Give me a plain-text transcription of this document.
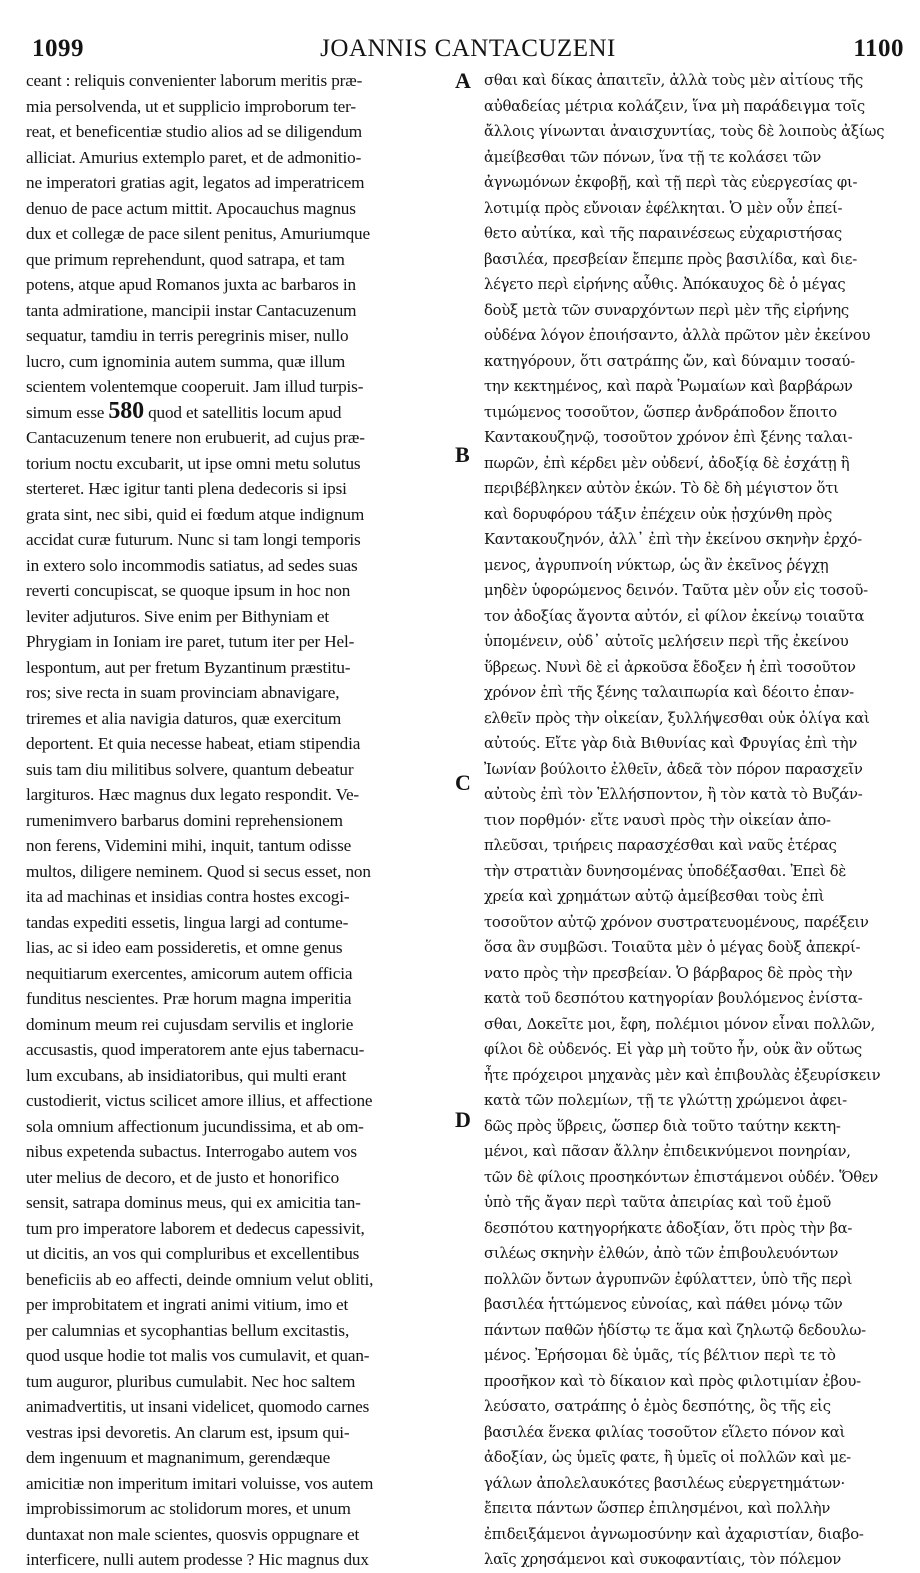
1099	JOANNIS CANTACUZENI	1100
ceant : reliquis convenienter laborum meritis præ-
mia persolvenda, ut et supplicio improborum ter-
reat, et beneficentiæ studio alios ad se diligendum
alliciat. Amurius extemplo paret, et de admonitio-
ne imperatori gratias agit, legatos ad imperatricem
denuo de pace actum mittit. Apocauchus magnus
dux et collegæ de pace silent penitus, Amuriumque
que primum reprehendunt, quod satrapa, et tam
potens, atque apud Romanos juxta ac barbaros in
tanta admiratione, mancipii instar Cantacuzenum
sequatur, tamdiu in terris peregrinis miser, nullo
lucro, cum ignominia autem summa, quæ illum
scientem volentemque cooperuit. Jam illud turpis-
simum esse 580 quod et satellitis locum apud
Cantacuzenum tenere non erubuerit, ad cujus præ-
torium noctu excubarit, ut ipse omni metu solutus
sterteret. Hæc igitur tanti plena dedecoris si ipsi
grata sint, nec sibi, quid ei fœdum atque indignum
accidat curæ futurum. Nunc si tam longi temporis
in extero solo incommodis satiatus, ad sedes suas
reverti concupiscat, se quoque ipsum in hoc non
leviter adjuturos. Sive enim per Bithyniam et
Phrygiam in Ioniam ire paret, tutum iter per Hel-
lespontum, aut per fretum Byzantinum præstitu-
ros; sive recta in suam provinciam abnavigare,
triremes et alia navigia daturos, quæ exercitum
deportent. Et quia necesse habeat, etiam stipendia
suis tam diu militibus solvere, quantum debeatur
largituros. Hæc magnus dux legato respondit. Ve-
rumenimvero barbarus domini reprehensionem
non ferens, Videmini mihi, inquit, tantum odisse
multos, diligere neminem. Quod si secus esset, non
ita ad machinas et insidias contra hostes excogi-
tandas expediti essetis, lingua largi ad contume-
lias, ac si ideo eam possideretis, et omne genus
nequitiarum exercentes, amicorum autem officia
funditus nescientes. Præ horum magna imperitia
dominum meum rei cujusdam servilis et inglorie
accusastis, quod imperatorem ante ejus tabernacu-
lum excubans, ab insidiatoribus, qui multi erant
custodierit, victus scilicet amore illius, et affectione
sola omnium affectionum jucundissima, et ab om-
nibus expetenda subactus. Interrogabo autem vos
uter melius de decoro, et de justo et honorifico
sensit, satrapa dominus meus, qui ex amicitia tan-
tum pro imperatore laborem et dedecus capessivit,
ut dicitis, an vos qui compluribus et excellentibus
beneficiis ab eo affecti, deinde omnium velut obliti,
per improbitatem et ingrati animi vitium, imo et
per calumnias et sycophantias bellum excitastis,
quod usque hodie tot malis vos cumulavit, et quan-
tum auguror, pluribus cumulabit. Nec hoc saltem
animadvertitis, ut insani videlicet, quomodo carnes
vestras ipsi devoretis. An clarum est, ipsum qui-
dem ingenuum et magnanimum, gerendæque
amicitiæ non imperitum imitari voluisse, vos autem
improbissimorum ac stolidorum mores, et unum
duntaxat non male scientes, quosvis oppugnare et
interficere, nulli autem prodesse ? Hic magnus dux
σθαι καὶ δίκας ἀπαιτεῖν, ἀλλὰ τοὺς μὲν αἰτίους τῆς
αὐθαδείας μέτρια κολάζειν, ἵνα μὴ παράδειγμα τοῖς
ἄλλοις γίνωνται ἀναισχυντίας, τοὺς δὲ λοιποὺς ἀξίως
ἀμείβεσθαι τῶν πόνων, ἵνα τῇ τε κολάσει τῶν
ἀγνωμόνων ἐκφοβῇ, καὶ τῇ περὶ τὰς εὐεργεσίας φι-
λοτιμίᾳ πρὸς εὔνοιαν ἐφέλκηται. Ὁ μὲν οὖν ἐπεί-
θετο αὐτίκα, καὶ τῆς παραινέσεως εὐχαριστήσας
βασιλέα, πρεσβείαν ἔπεμπε πρὸς βασιλίδα, καὶ διε-
λέγετο περὶ εἰρήνης αὖθις. Ἀπόκαυχος δὲ ὁ μέγας
δοὺξ μετὰ τῶν συναρχόντων περὶ μὲν τῆς εἰρήνης
οὐδένα λόγον ἐποιήσαντο, ἀλλὰ πρῶτον μὲν ἐκείνου
κατηγόρουν, ὅτι σατράπης ὤν, καὶ δύναμιν τοσαύ-
την κεκτημένος, καὶ παρὰ Ῥωμαίων καὶ βαρβάρων
τιμώμενος τοσοῦτον, ὥσπερ ἀνδράποδον ἕποιτο
Καντακουζηνῷ, τοσοῦτον χρόνον ἐπὶ ξένης ταλαι-
πωρῶν, ἐπὶ κέρδει μὲν οὐδενί, ἀδοξίᾳ δὲ ἐσχάτῃ ἣ
περιβέβληκεν αὐτὸν ἑκών. Τὸ δὲ δὴ μέγιστον ὅτι
καὶ δορυφόρου τάξιν ἐπέχειν οὐκ ᾐσχύνθη πρὸς
Καντακουζηνόν, ἀλλ᾽ ἐπὶ τὴν ἐκείνου σκηνὴν ἐρχό-
μενος, ἀγρυπνοίη νύκτωρ, ὡς ἂν ἐκεῖνος ῥέγχῃ
μηδὲν ὑφορώμενος δεινόν. Ταῦτα μὲν οὖν εἰς τοσοῦ-
τον ἀδοξίας ἄγοντα αὐτόν, εἰ φίλον ἐκείνῳ τοιαῦτα
ὑπομένειν, οὐδ᾽ αὐτοῖς μελήσειν περὶ τῆς ἐκείνου
ὕβρεως. Νυνὶ δὲ εἰ ἀρκοῦσα ἔδοξεν ἡ ἐπὶ τοσοῦτον
χρόνον ἐπὶ τῆς ξένης ταλαιπωρία καὶ δέοιτο ἐπαν-
ελθεῖν πρὸς τὴν οἰκείαν, ξυλλήψεσθαι οὐκ ὀλίγα καὶ
αὐτούς. Εἴτε γὰρ διὰ Βιθυνίας καὶ Φρυγίας ἐπὶ τὴν
Ἰωνίαν βούλοιτο ἐλθεῖν, ἀδεᾶ τὸν πόρον παρασχεῖν
αὐτοὺς ἐπὶ τὸν Ἑλλήσποντον, ἢ τὸν κατὰ τὸ Βυζάν-
τιον πορθμόν· εἴτε ναυσὶ πρὸς τὴν οἰκείαν ἀπο-
πλεῦσαι, τριήρεις παρασχέσθαι καὶ ναῦς ἑτέρας
τὴν στρατιὰν δυνησομένας ὑποδέξασθαι. Ἐπεὶ δὲ
χρεία καὶ χρημάτων αὐτῷ ἀμείβεσθαι τοὺς ἐπὶ
τοσοῦτον αὐτῷ χρόνον συστρατευομένους, παρέξειν
ὅσα ἂν συμβῶσι. Τοιαῦτα μὲν ὁ μέγας δοὺξ ἀπεκρί-
νατο πρὸς τὴν πρεσβείαν. Ὁ βάρβαρος δὲ πρὸς τὴν
κατὰ τοῦ δεσπότου κατηγορίαν βουλόμενος ἐνίστα-
σθαι, Δοκεῖτε μοι, ἔφη, πολέμιοι μόνον εἶναι πολλῶν,
φίλοι δὲ οὐδενός. Εἰ γὰρ μὴ τοῦτο ἦν, οὐκ ἂν οὕτως
ἦτε πρόχειροι μηχανὰς μὲν καὶ ἐπιβουλὰς ἐξευρίσκειν
κατὰ τῶν πολεμίων, τῇ τε γλώττῃ χρώμενοι ἀφει-
δῶς πρὸς ὕβρεις, ὥσπερ διὰ τοῦτο ταύτην κεκτη-
μένοι, καὶ πᾶσαν ἄλλην ἐπιδεικνύμενοι πονηρίαν,
τῶν δὲ φίλοις προσηκόντων ἐπιστάμενοι οὐδέν. Ὅθεν
ὑπὸ τῆς ἄγαν περὶ ταῦτα ἀπειρίας καὶ τοῦ ἐμοῦ
δεσπότου κατηγορήκατε ἀδοξίαν, ὅτι πρὸς τὴν βα-
σιλέως σκηνὴν ἐλθών, ἀπὸ τῶν ἐπιβουλευόντων
πολλῶν ὄντων ἀγρυπνῶν ἐφύλαττεν, ὑπὸ τῆς περὶ
βασιλέα ἡττώμενος εὐνοίας, καὶ πάθει μόνῳ τῶν
πάντων παθῶν ἡδίστῳ τε ἅμα καὶ ζηλωτῷ δεδουλω-
μένος. Ἐρήσομαι δὲ ὑμᾶς, τίς βέλτιον περὶ τε τὸ
προσῆκον καὶ τὸ δίκαιον καὶ πρὸς φιλοτιμίαν ἐβου-
λεύσατο, σατράπης ὁ ἐμὸς δεσπότης, ὃς τῆς εἰς
βασιλέα ἕνεκα φιλίας τοσοῦτον εἵλετο πόνον καὶ
ἀδοξίαν, ὡς ὑμεῖς φατε, ἢ ὑμεῖς οἱ πολλῶν καὶ με-
γάλων ἀπολελαυκότες βασιλέως εὐεργετημάτων·
ἔπειτα πάντων ὥσπερ ἐπιλησμένοι, καὶ πολλὴν
ἐπιδειξάμενοι ἀγνωμοσύνην καὶ ἀχαριστίαν, διαβο-
λαῖς χρησάμενοι καὶ συκοφαντίαις, τὸν πόλεμον
A
B
C
D
